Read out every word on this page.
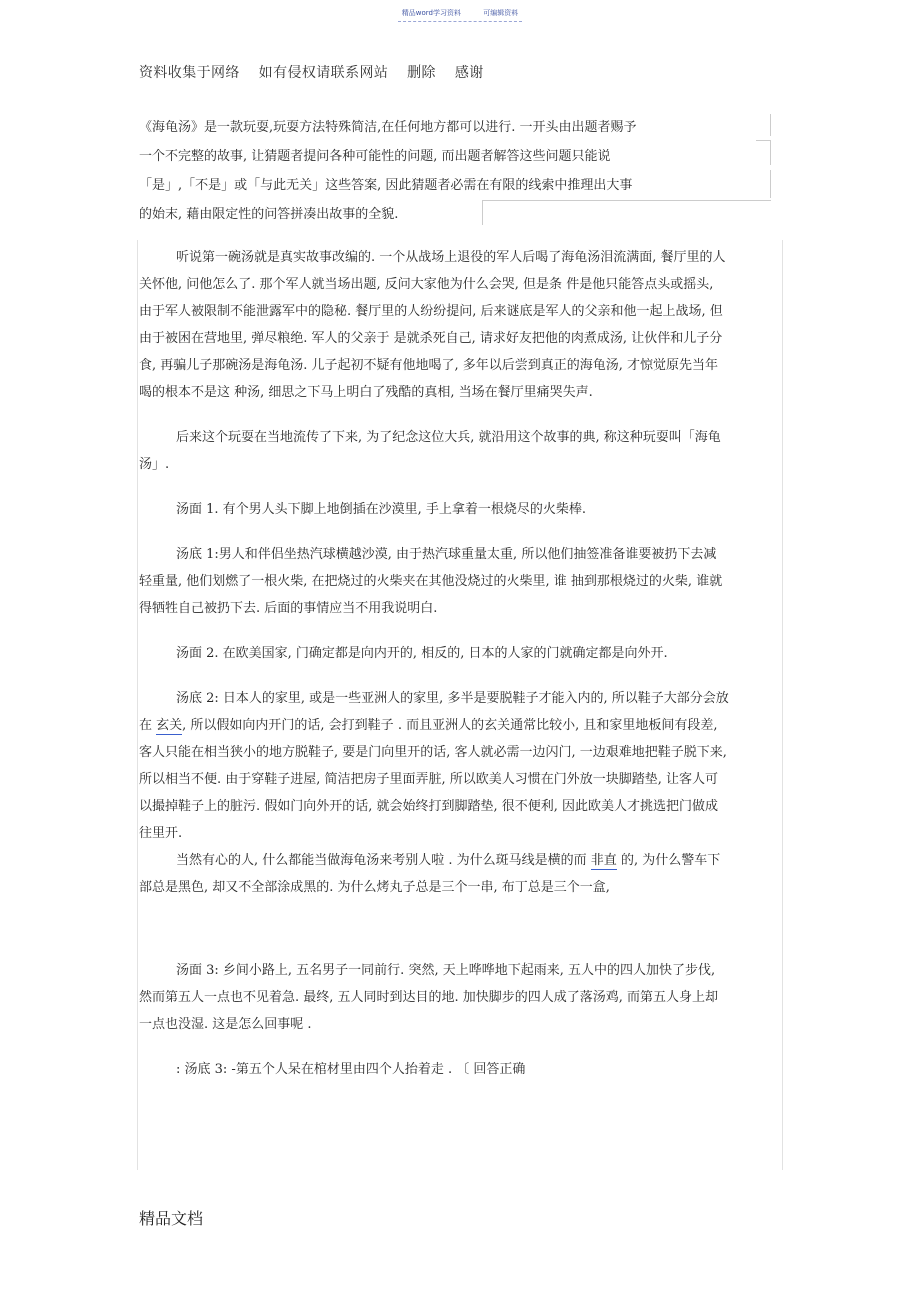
精品word学习资料	可编辑资料
资料收集于网络 如有侵权请联系网站 删除 感谢

《海龟汤》是一款玩耍,玩耍方法特殊简洁,在任何地方都可以进行. 一开头由出题者赐予

一个不完整的故事, 让猜题者提问各种可能性的问题, 而出题者解答这些问题只能说

「是」,「不是」或「与此无关」这些答案, 因此猜题者必需在有限的线索中推理出大事

的始末, 藉由限定性的问答拼凑出故事的全貌.

听说第一碗汤就是真实故事改编的. 一个从战场上退役的军人后喝了海龟汤泪流满面, 餐厅里的人关怀他, 问他怎么了. 那个军人就当场出题, 反问大家他为什么会哭, 但是条 件是他只能答点头或摇头, 由于军人被限制不能泄露军中的隐秘. 餐厅里的人纷纷提问, 后来谜底是军人的父亲和他一起上战场, 但由于被困在营地里, 弹尽粮绝. 军人的父亲于 是就杀死自己, 请求好友把他的肉煮成汤, 让伙伴和儿子分食, 再骗儿子那碗汤是海龟汤. 儿子起初不疑有他地喝了, 多年以后尝到真正的海龟汤, 才惊觉原先当年喝的根本不是这 种汤, 细思之下马上明白了残酷的真相, 当场在餐厅里痛哭失声.

后来这个玩耍在当地流传了下来, 为了纪念这位大兵, 就沿用这个故事的典, 称这种玩耍叫「海龟汤」.

汤面 1. 有个男人头下脚上地倒插在沙漠里, 手上拿着一根烧尽的火柴棒.

汤底 1:男人和伴侣坐热汽球横越沙漠, 由于热汽球重量太重, 所以他们抽签准备谁要被扔下去减轻重量, 他们划燃了一根火柴, 在把烧过的火柴夹在其他没烧过的火柴里, 谁 抽到那根烧过的火柴, 谁就得牺牲自己被扔下去. 后面的事情应当不用我说明白.

汤面 2. 在欧美国家, 门确定都是向内开的, 相反的, 日本的人家的门就确定都是向外开.

汤底 2: 日本人的家里, 或是一些亚洲人的家里, 多半是要脱鞋子才能入内的, 所以鞋子大部分会放在 玄关, 所以假如向内开门的话, 会打到鞋子 . 而且亚洲人的玄关通常比较小, 且和家里地板间有段差, 客人只能在相当狭小的地方脱鞋子, 要是门向里开的话, 客人就必需一边闪门, 一边艰难地把鞋子脱下来, 所以相当不便. 由于穿鞋子进屋, 简洁把房子里面弄脏, 所以欧美人习惯在门外放一块脚踏垫, 让客人可以撮掉鞋子上的脏污. 假如门向外开的话, 就会始终打到脚踏垫, 很不便利, 因此欧美人才挑选把门做成往里开.

当然有心的人, 什么都能当做海龟汤来考别人啦 . 为什么斑马线是横的而 非直 的, 为什么警车下部总是黑色, 却又不全部涂成黑的. 为什么烤丸子总是三个一串, 布丁总是三个一盒,

汤面 3: 乡间小路上, 五名男子一同前行. 突然, 天上哗哗地下起雨来, 五人中的四人加快了步伐, 然而第五人一点也不见着急. 最终, 五人同时到达目的地. 加快脚步的四人成了落汤鸡, 而第五人身上却一点也没湿. 这是怎么回事呢 .

: 汤底 3: -第五个人呆在棺材里由四个人抬着走 . 〔 回答正确

精品文档
